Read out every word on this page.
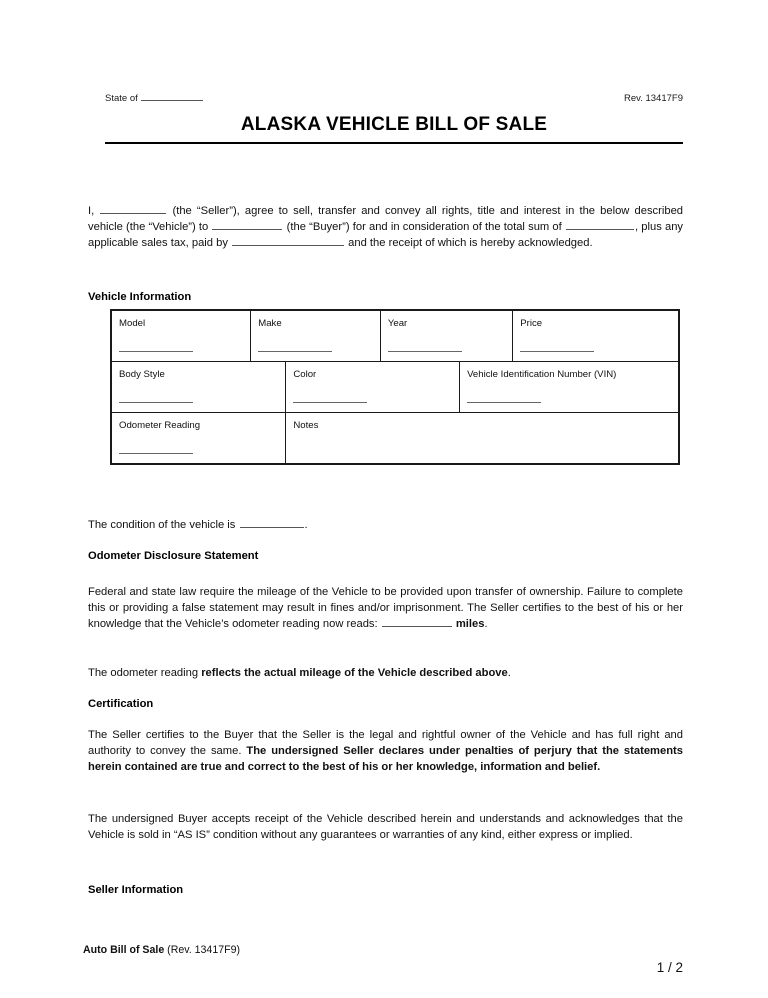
State of	Rev. 13417F9
ALASKA VEHICLE BILL OF SALE
I,	(the “Seller”), agree to sell, transfer and convey all rights, title and interest in the below described vehicle (the “Vehicle”) to	(the “Buyer”) for and in consideration of the total sum of	, plus any applicable sales tax, paid by	and the receipt of which is hereby acknowledged.
Vehicle Information
Model	Make	Year	Price
Body Style	Color	Vehicle Identification Number (VIN)
Odometer Reading	Notes
The condition of the vehicle is	.
Odometer Disclosure Statement
Federal and state law require the mileage of the Vehicle to be provided upon transfer of ownership. Failure to complete this or providing a false statement may result in fines and/or imprisonment. The Seller certifies to the best of his or her knowledge that the Vehicle’s odometer reading now reads:	miles.
The odometer reading reflects the actual mileage of the Vehicle described above.
Certification
The Seller certifies to the Buyer that the Seller is the legal and rightful owner of the Vehicle and has full right and authority to convey the same. The undersigned Seller declares under penalties of perjury that the statements herein contained are true and correct to the best of his or her knowledge, information and belief.
The undersigned Buyer accepts receipt of the Vehicle described herein and understands and acknowledges that the Vehicle is sold in “AS IS” condition without any guarantees or warranties of any kind, either express or implied.
Seller Information
Auto Bill of Sale (Rev. 13417F9)
1 / 2
